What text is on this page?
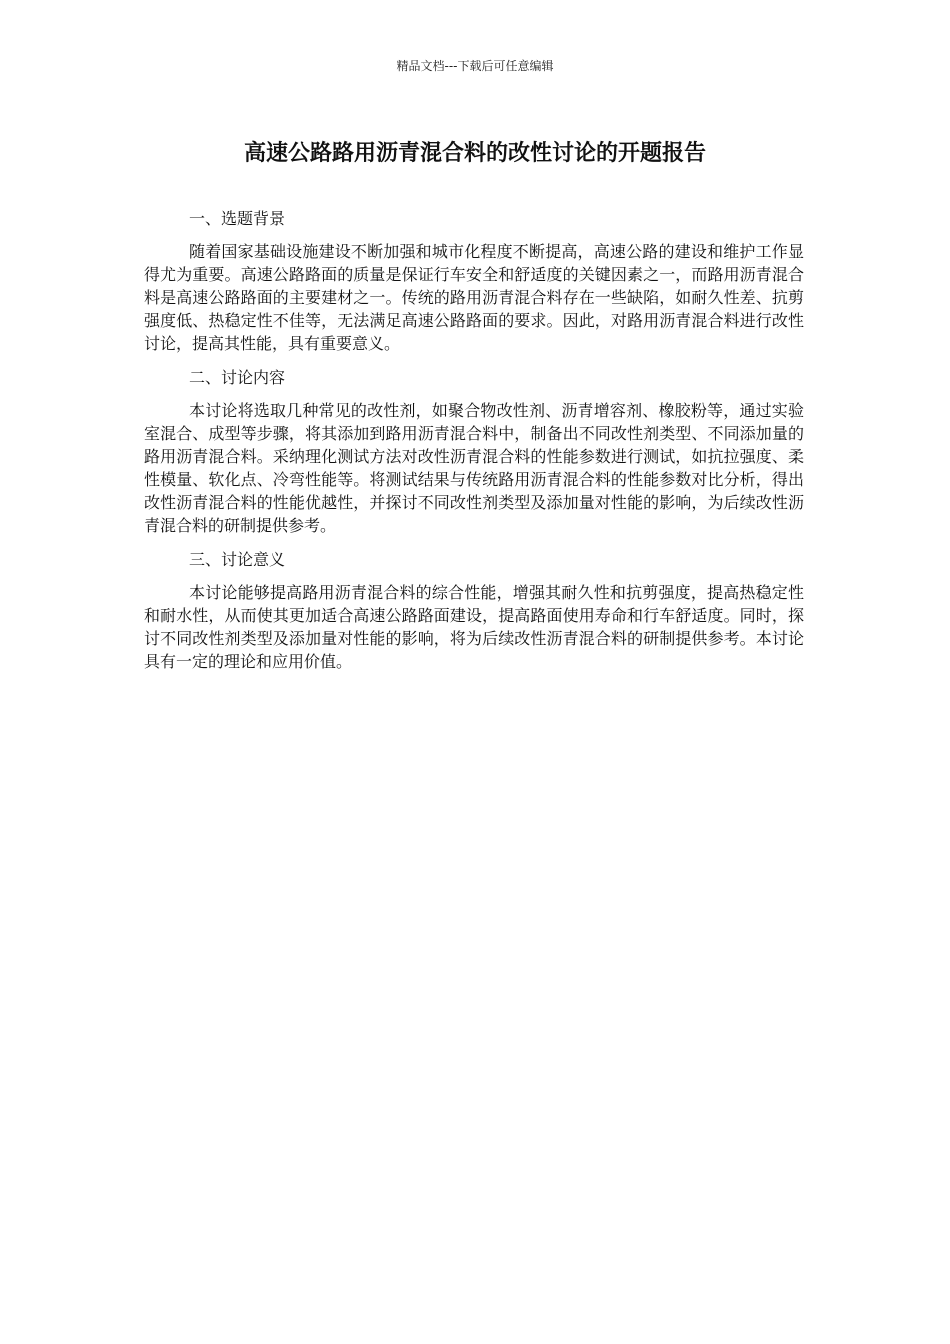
精品文档---下载后可任意编辑
高速公路路用沥青混合料的改性讨论的开题报告
一、选题背景

随着国家基础设施建设不断加强和城市化程度不断提高，高速公路的建设和维护工作显得尤为重要。高速公路路面的质量是保证行车安全和舒适度的关键因素之一，而路用沥青混合料是高速公路路面的主要建材之一。传统的路用沥青混合料存在一些缺陷，如耐久性差、抗剪强度低、热稳定性不佳等，无法满足高速公路路面的要求。因此，对路用沥青混合料进行改性讨论，提高其性能，具有重要意义。

二、讨论内容

本讨论将选取几种常见的改性剂，如聚合物改性剂、沥青增容剂、橡胶粉等，通过实验室混合、成型等步骤，将其添加到路用沥青混合料中，制备出不同改性剂类型、不同添加量的路用沥青混合料。采纳理化测试方法对改性沥青混合料的性能参数进行测试，如抗拉强度、柔性模量、软化点、冷弯性能等。将测试结果与传统路用沥青混合料的性能参数对比分析，得出改性沥青混合料的性能优越性，并探讨不同改性剂类型及添加量对性能的影响，为后续改性沥青混合料的研制提供参考。

三、讨论意义

本讨论能够提高路用沥青混合料的综合性能，增强其耐久性和抗剪强度，提高热稳定性和耐水性，从而使其更加适合高速公路路面建设，提高路面使用寿命和行车舒适度。同时，探讨不同改性剂类型及添加量对性能的影响，将为后续改性沥青混合料的研制提供参考。本讨论具有一定的理论和应用价值。
